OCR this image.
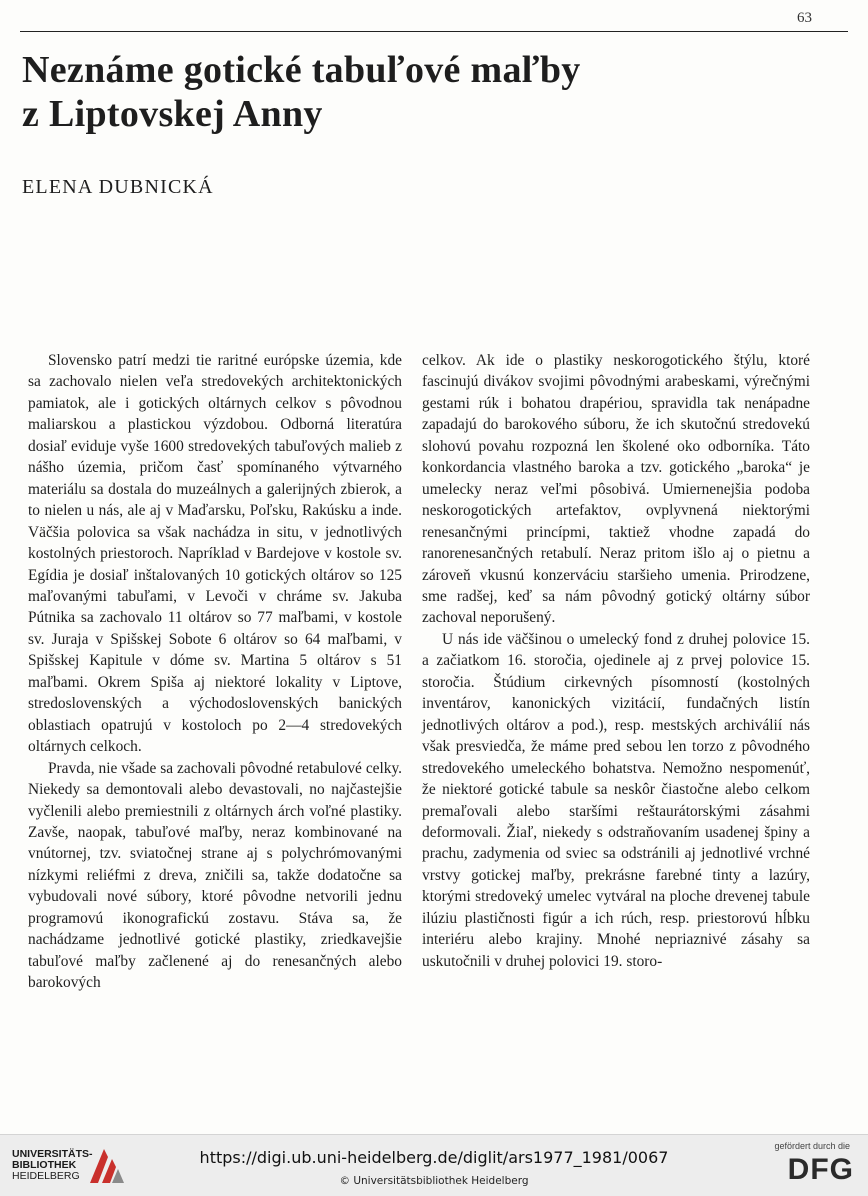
63
Neznáme gotické tabuľové maľby
z Liptovskej Anny
ELENA DUBNICKÁ

Slovensko patrí medzi tie raritné európske územia, kde sa zachovalo nielen veľa stredovekých architektonických pamiatok, ale i gotických oltárnych celkov s pôvodnou maliarskou a plastickou výzdobou. Odborná literatúra dosiaľ eviduje vyše 1600 stredovekých tabuľových malieb z nášho územia, pričom časť spomínaného výtvarného materiálu sa dostala do muzeálnych a galerijných zbierok, a to nielen u nás, ale aj v Maďarsku, Poľsku, Rakúsku a inde. Väčšia polovica sa však nachádza in situ, v jednotlivých kostolných priestoroch. Napríklad v Bardejove v kostole sv. Egídia je dosiaľ inštalovaných 10 gotických oltárov so 125 maľovanými tabuľami, v Levoči v chráme sv. Jakuba Pútnika sa zachovalo 11 oltárov so 77 maľbami, v kostole sv. Juraja v Spišskej Sobote 6 oltárov so 64 maľbami, v Spišskej Kapitule v dóme sv. Martina 5 oltárov s 51 maľbami. Okrem Spiša aj niektoré lokality v Liptove, stredoslovenských a východoslovenských banických oblastiach opatrujú v kostoloch po 2—4 stredovekých oltárnych celkoch.

Pravda, nie všade sa zachovali pôvodné retabulové celky. Niekedy sa demontovali alebo devastovali, no najčastejšie vyčlenili alebo premiestnili z oltárnych árch voľné plastiky. Zavše, naopak, tabuľové maľby, neraz kombinované na vnútornej, tzv. sviatočnej strane aj s polychrómovanými nízkymi reliéfmi z dreva, zničili sa, takže dodatočne sa vybudovali nové súbory, ktoré pôvodne netvorili jednu programovú ikonografickú zostavu. Stáva sa, že nachádzame jednotlivé gotické plastiky, zriedkavejšie tabuľové maľby začlenené aj do renesančných alebo barokových

celkov. Ak ide o plastiky neskorogotického štýlu, ktoré fascinujú divákov svojimi pôvodnými arabeskami, výrečnými gestami rúk i bohatou drapériou, spravidla tak nenápadne zapadajú do barokového súboru, že ich skutočnú stredovekú slohovú povahu rozpozná len školené oko odborníka. Táto konkordancia vlastného baroka a tzv. gotického „baroka“ je umelecky neraz veľmi pôsobivá. Umiernenejšia podoba neskorogotických artefaktov, ovplyvnená niektorými renesančnými princípmi, taktiež vhodne zapadá do ranorenesančných retabulí. Neraz pritom išlo aj o pietnu a zároveň vkusnú konzerváciu staršieho umenia. Prirodzene, sme radšej, keď sa nám pôvodný gotický oltárny súbor zachoval neporušený.

U nás ide väčšinou o umelecký fond z druhej polovice 15. a začiatkom 16. storočia, ojedinele aj z prvej polovice 15. storočia. Štúdium cirkevných písomností (kostolných inventárov, kanonických vizitácií, fundačných listín jednotlivých oltárov a pod.), resp. mestských archiválií nás však presviedča, že máme pred sebou len torzo z pôvodného stredovekého umeleckého bohatstva. Nemožno nespomenúť, že niektoré gotické tabule sa neskôr čiastočne alebo celkom premaľovali alebo staršími reštaurátorskými zásahmi deformovali. Žiaľ, niekedy s odstraňovaním usadenej špiny a prachu, zadymenia od sviec sa odstránili aj jednotlivé vrchné vrstvy gotickej maľby, prekrásne farebné tinty a lazúry, ktorými stredoveký umelec vytváral na ploche drevenej tabule ilúziu plastičnosti figúr a ich rúch, resp. priestorovú hĺbku interiéru alebo krajiny. Mnohé nepriaznivé zásahy sa uskutočnili v druhej polovici 19. storo-

UNIVERSITÄTS-
BIBLIOTHEK
HEIDELBERG
https://digi.ub.uni-heidelberg.de/diglit/ars1977_1981/0067
© Universitätsbibliothek Heidelberg
gefördert durch die
DFG
